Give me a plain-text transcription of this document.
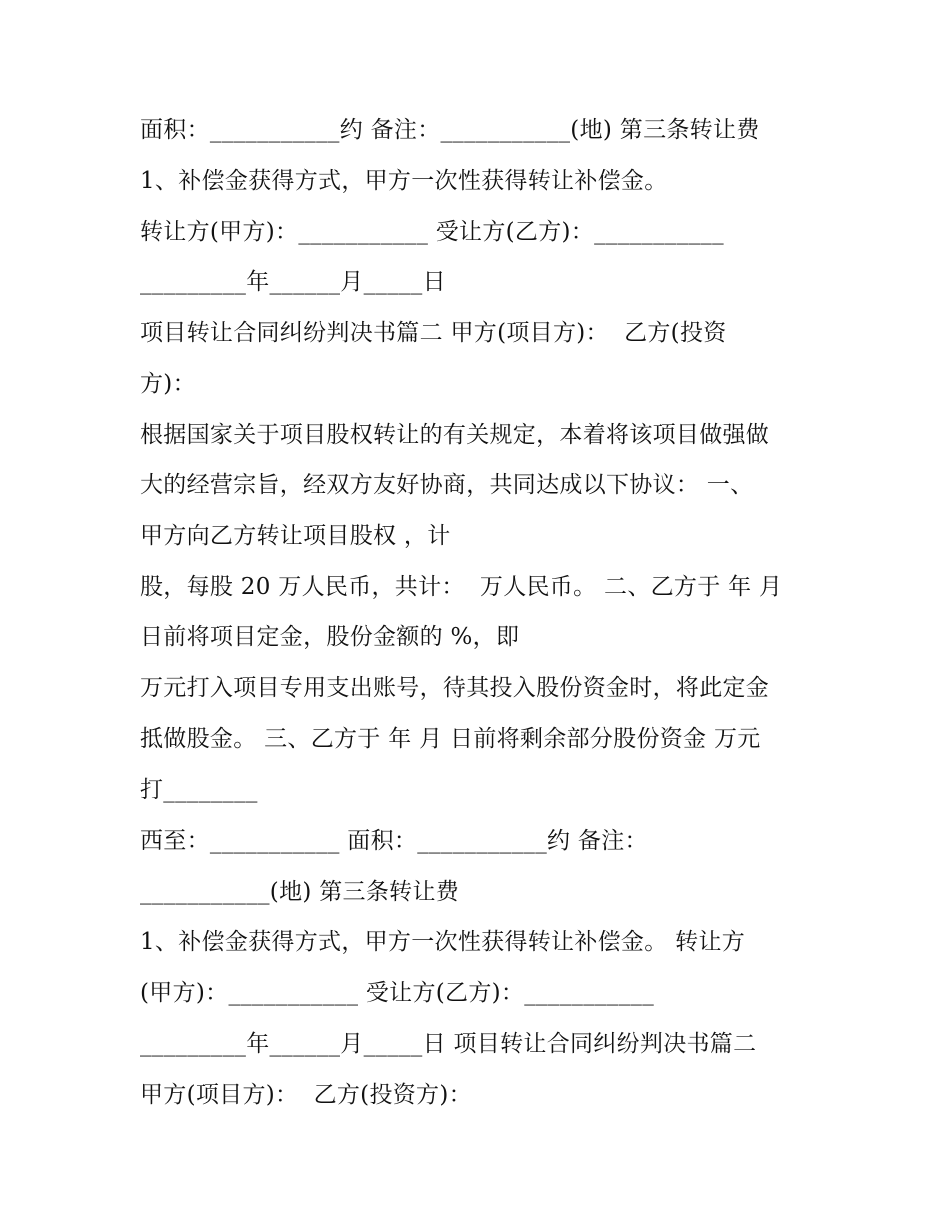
面积：___________约 备注：___________(地) 第三条转让费

1、补偿金获得方式，甲方一次性获得转让补偿金。

转让方(甲方)：___________ 受让方(乙方)：___________

_________年______月_____日

项目转让合同纠纷判决书篇二 甲方(项目方)：  乙方(投资

方)：

根据国家关于项目股权转让的有关规定，本着将该项目做强做

大的经营宗旨，经双方友好协商，共同达成以下协议： 一、

甲方向乙方转让项目股权 ，计

股，每股 20 万人民币，共计：  万人民币。 二、乙方于 年 月

日前将项目定金，股份金额的 %，即

万元打入项目专用支出账号，待其投入股份资金时，将此定金

抵做股金。 三、乙方于 年 月 日前将剩余部分股份资金 万元

打________

西至：___________ 面积：___________约 备注：

___________(地) 第三条转让费

1、补偿金获得方式，甲方一次性获得转让补偿金。 转让方

(甲方)：___________ 受让方(乙方)：___________

_________年______月_____日 项目转让合同纠纷判决书篇二

甲方(项目方)：  乙方(投资方)：
